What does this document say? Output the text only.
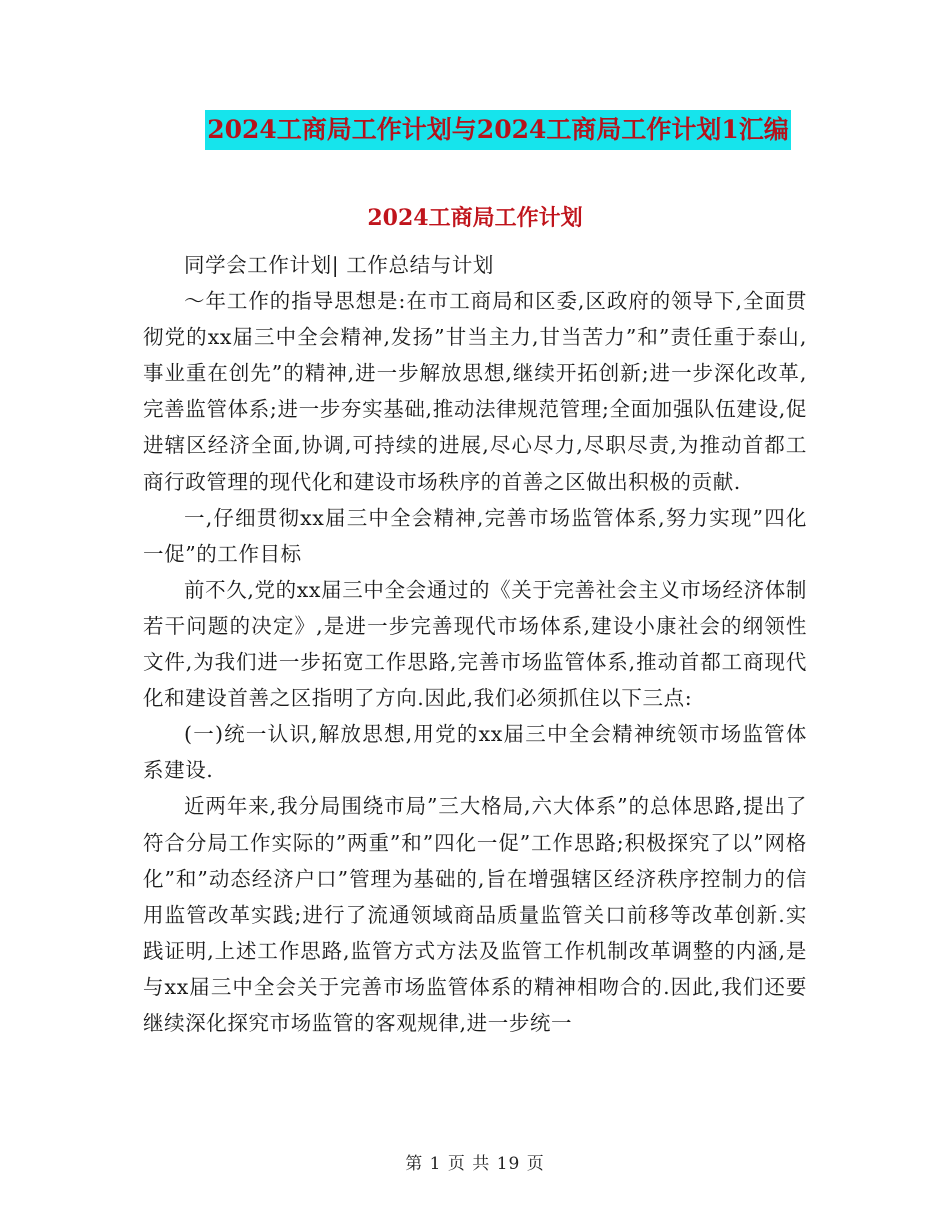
2024工商局工作计划与2024工商局工作计划1汇编
2024工商局工作计划

同学会工作计划| 工作总结与计划

～年工作的指导思想是:在市工商局和区委,区政府的领导下,全面贯彻党的xx届三中全会精神,发扬”甘当主力,甘当苦力”和”责任重于泰山,事业重在创先”的精神,进一步解放思想,继续开拓创新;进一步深化改革,完善监管体系;进一步夯实基础,推动法律规范管理;全面加强队伍建设,促进辖区经济全面,协调,可持续的进展,尽心尽力,尽职尽责,为推动首都工商行政管理的现代化和建设市场秩序的首善之区做出积极的贡献.

一,仔细贯彻xx届三中全会精神,完善市场监管体系,努力实现”四化一促”的工作目标

前不久,党的xx届三中全会通过的《关于完善社会主义市场经济体制若干问题的决定》,是进一步完善现代市场体系,建设小康社会的纲领性文件,为我们进一步拓宽工作思路,完善市场监管体系,推动首都工商现代化和建设首善之区指明了方向.因此,我们必须抓住以下三点:

(一)统一认识,解放思想,用党的xx届三中全会精神统领市场监管体系建设.

近两年来,我分局围绕市局”三大格局,六大体系”的总体思路,提出了符合分局工作实际的”两重”和”四化一促”工作思路;积极探究了以”网格化”和”动态经济户口”管理为基础的,旨在增强辖区经济秩序控制力的信用监管改革实践;进行了流通领域商品质量监管关口前移等改革创新.实践证明,上述工作思路,监管方式方法及监管工作机制改革调整的内涵,是与xx届三中全会关于完善市场监管体系的精神相吻合的.因此,我们还要继续深化探究市场监管的客观规律,进一步统一

第 1 页 共 19 页
